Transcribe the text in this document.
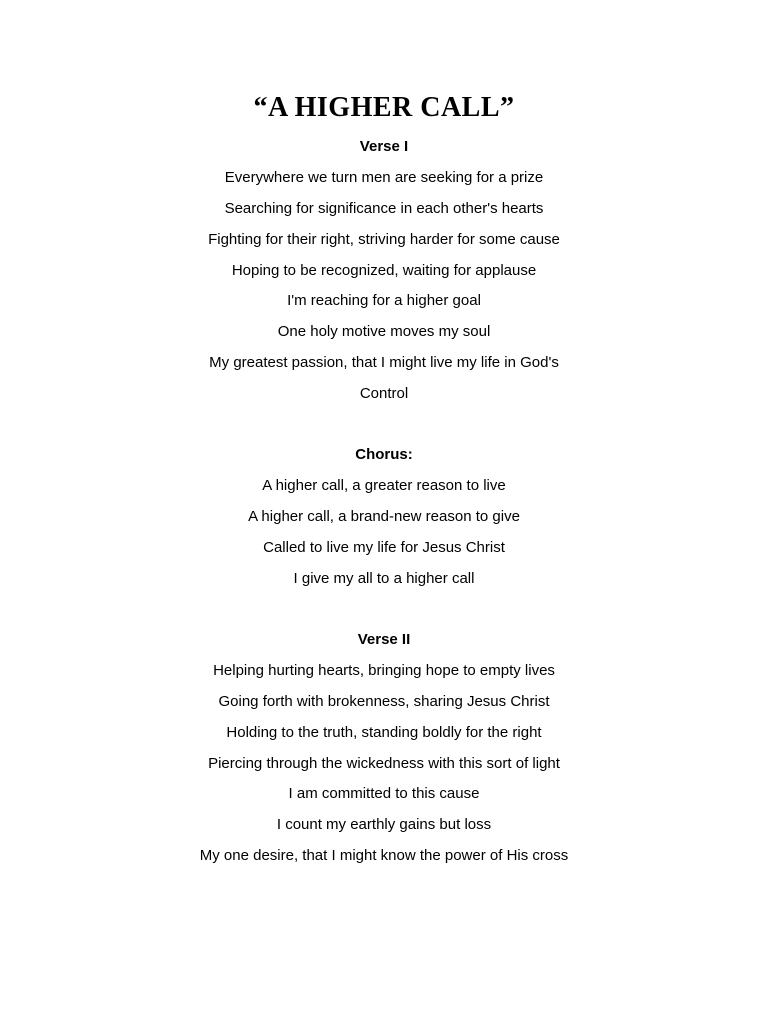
“A HIGHER CALL”
Verse I
Everywhere we turn men are seeking for a prize
Searching for significance in each other's hearts
Fighting for their right, striving harder for some cause
Hoping to be recognized, waiting for applause
I'm reaching for a higher goal
One holy motive moves my soul
My greatest passion, that I might live my life in God's
Control
Chorus:
A higher call, a greater reason to live
A higher call, a brand-new reason to give
Called to live my life for Jesus Christ
I give my all to a higher call
Verse II
Helping hurting hearts, bringing hope to empty lives
Going forth with brokenness, sharing Jesus Christ
Holding to the truth, standing boldly for the right
Piercing through the wickedness with this sort of light
I am committed to this cause
I count my earthly gains but loss
My one desire, that I might know the power of His cross
